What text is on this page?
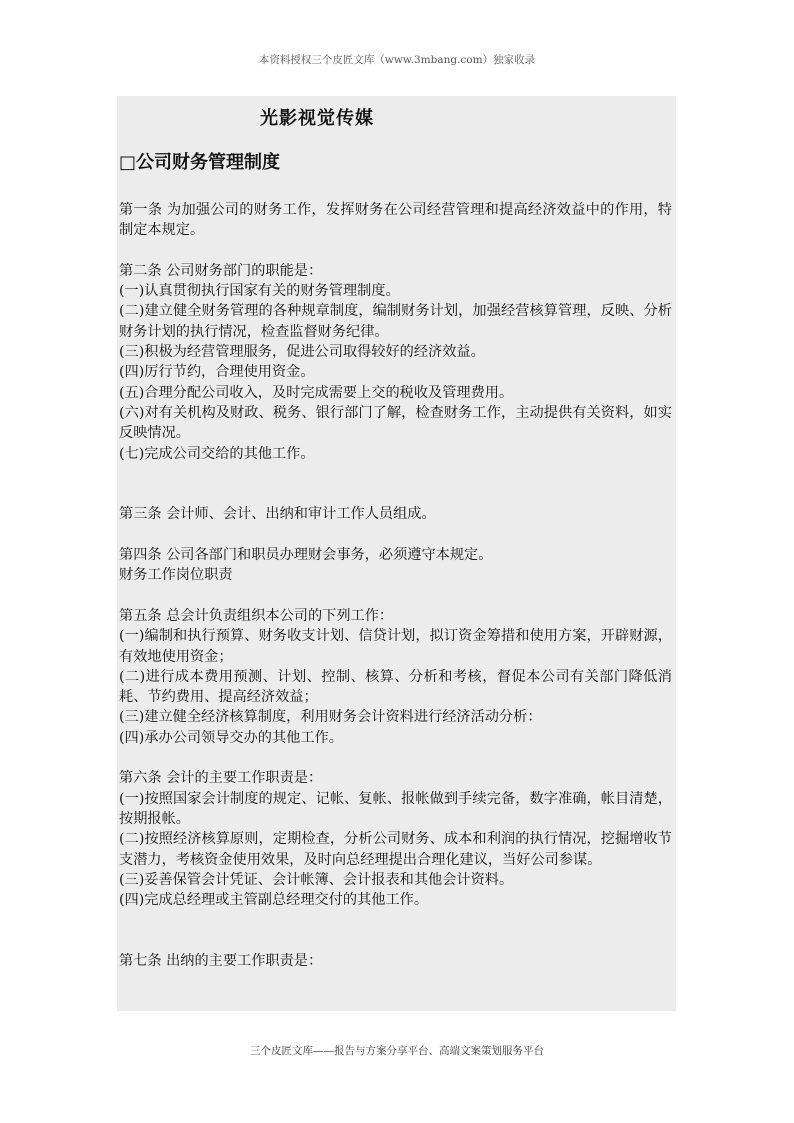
本资料授权三个皮匠文库（www.3mbang.com）独家收录
光影视觉传媒
□公司财务管理制度

第一条 为加强公司的财务工作，发挥财务在公司经营管理和提高经济效益中的作用，特制定本规定。

第二条 公司财务部门的职能是：

(一)认真贯彻执行国家有关的财务管理制度。

(二)建立健全财务管理的各种规章制度，编制财务计划，加强经营核算管理，反映、分析财务计划的执行情况，检查监督财务纪律。

(三)积极为经营管理服务，促进公司取得较好的经济效益。

(四)厉行节约，合理使用资金。

(五)合理分配公司收入，及时完成需要上交的税收及管理费用。

(六)对有关机构及财政、税务、银行部门了解，检查财务工作，主动提供有关资料，如实反映情况。

(七)完成公司交给的其他工作。

第三条 会计师、会计、出纳和审计工作人员组成。

第四条 公司各部门和职员办理财会事务，必须遵守本规定。

财务工作岗位职责

第五条 总会计负责组织本公司的下列工作：

(一)编制和执行预算、财务收支计划、信贷计划，拟订资金筹措和使用方案，开辟财源，有效地使用资金；

(二)进行成本费用预测、计划、控制、核算、分析和考核，督促本公司有关部门降低消耗、节约费用、提高经济效益；

(三)建立健全经济核算制度，利用财务会计资料进行经济活动分析：

(四)承办公司领导交办的其他工作。

第六条 会计的主要工作职责是：

(一)按照国家会计制度的规定、记帐、复帐、报帐做到手续完备，数字准确，帐目清楚，按期报帐。

(二)按照经济核算原则，定期检查，分析公司财务、成本和利润的执行情况，挖掘增收节支潜力，考核资金使用效果，及时向总经理提出合理化建议，当好公司参谋。

(三)妥善保管会计凭证、会计帐簿、会计报表和其他会计资料。

(四)完成总经理或主管副总经理交付的其他工作。

第七条 出纳的主要工作职责是：

三个皮匠文库——报告与方案分享平台、高端文案策划服务平台
